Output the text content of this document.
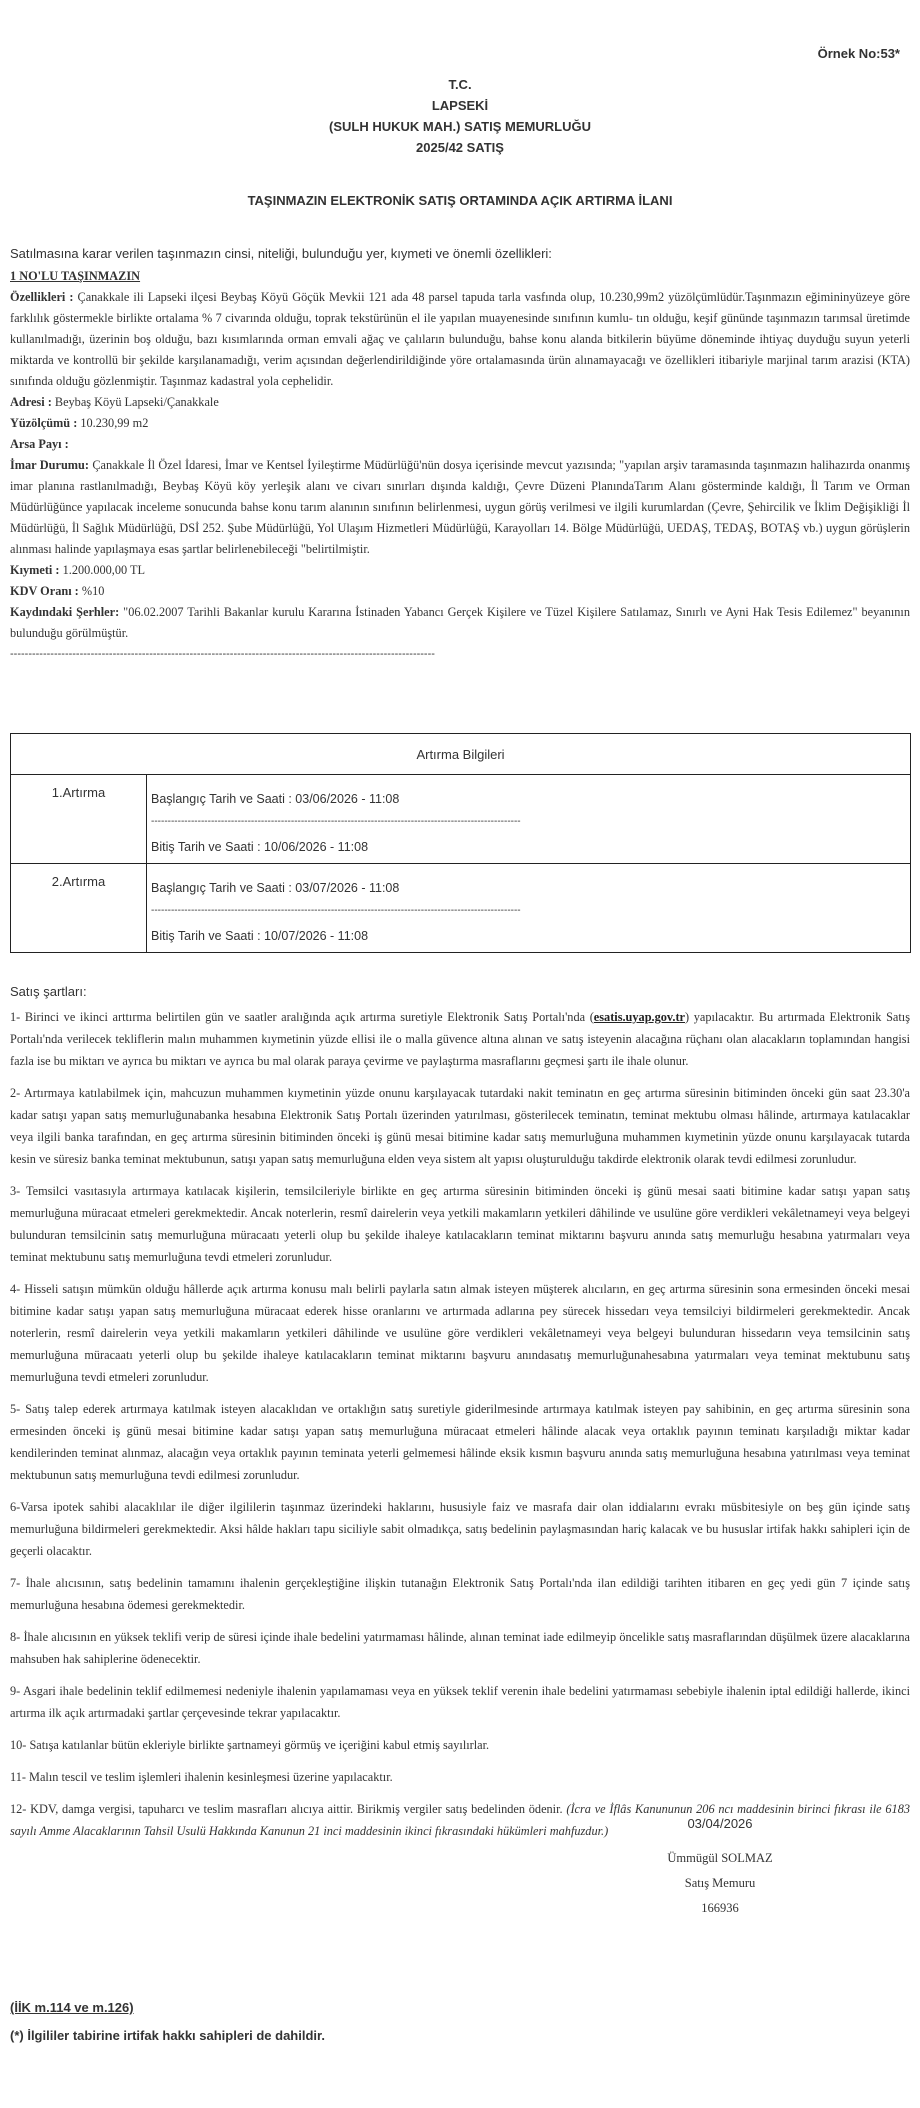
Örnek No:53*
T.C.
LAPSEKİ
(SULH HUKUK MAH.) SATIŞ MEMURLUĞU
2025/42 SATIŞ
TAŞINMAZIN ELEKTRONİK SATIŞ ORTAMINDA AÇIK ARTIRMA İLANI
Satılmasına karar verilen taşınmazın cinsi, niteliği, bulunduğu yer, kıymeti ve önemli özellikleri:
1 NO'LU TAŞINMAZIN
Özellikleri : Çanakkale ili Lapseki ilçesi Beybaş Köyü Göçük Mevkii 121 ada 48 parsel tapuda tarla vasfında olup, 10.230,99m2 yüzölçümlüdür.Taşınmazın eğimininyüzeye göre farklılık göstermekle birlikte ortalama % 7 civarında olduğu, toprak tekstürünün el ile yapılan muayenesinde sınıfının kumlu- tın olduğu, keşif gününde taşınmazın tarımsal üretimde kullanılmadığı, üzerinin boş olduğu, bazı kısımlarında orman emvali ağaç ve çalıların bulunduğu, bahse konu alanda bitkilerin büyüme döneminde ihtiyaç duyduğu suyun yeterli miktarda ve kontrollü bir şekilde karşılanamadığı, verim açısından değerlendirildiğinde yöre ortalamasında ürün alınamayacağı ve özellikleri itibariyle marjinal tarım arazisi (KTA) sınıfında olduğu gözlenmiştir. Taşınmaz kadastral yola cephelidir.
Adresi : Beybaş Köyü Lapseki/Çanakkale
Yüzölçümü : 10.230,99 m2
Arsa Payı :
İmar Durumu: Çanakkale İl Özel İdaresi, İmar ve Kentsel İyileştirme Müdürlüğü'nün dosya içerisinde mevcut yazısında; "yapılan arşiv taramasında taşınmazın halihazırda onanmış imar planına rastlanılmadığı, Beybaş Köyü köy yerleşik alanı ve civarı sınırları dışında kaldığı, Çevre Düzeni PlanındaTarım Alanı gösterminde kaldığı, İl Tarım ve Orman Müdürlüğünce yapılacak inceleme sonucunda bahse konu tarım alanının sınıfının belirlenmesi, uygun görüş verilmesi ve ilgili kurumlardan (Çevre, Şehircilik ve İklim Değişikliği İl Müdürlüğü, İl Sağlık Müdürlüğü, DSİ 252. Şube Müdürlüğü, Yol Ulaşım Hizmetleri Müdürlüğü, Karayolları 14. Bölge Müdürlüğü, UEDAŞ, TEDAŞ, BOTAŞ vb.) uygun görüşlerin alınması halinde yapılaşmaya esas şartlar belirlenebileceği "belirtilmiştir.
Kıymeti : 1.200.000,00 TL
KDV Oranı : %10
Kaydındaki Şerhler: "06.02.2007 Tarihli Bakanlar kurulu Kararına İstinaden Yabancı Gerçek Kişilere ve Tüzel Kişilere Satılamaz, Sınırlı ve Ayni Hak Tesis Edilemez" beyanının bulunduğu görülmüştür.
--------------------------------------------------------------------------------------------------------------------
Artırma Bilgileri	
1.Artırma	Başlangıç Tarih ve Saati : 03/06/2026 - 11:08
---------------------------------------------------------------------------------------------------------------
Bitiş Tarih ve Saati : 10/06/2026 - 11:08

2.Artırma	Başlangıç Tarih ve Saati : 03/07/2026 - 11:08
---------------------------------------------------------------------------------------------------------------
Bitiş Tarih ve Saati : 10/07/2026 - 11:08
Satış şartları:

1- Birinci ve ikinci arttırma belirtilen gün ve saatler aralığında açık artırma suretiyle Elektronik Satış Portalı'nda (esatis.uyap.gov.tr) yapılacaktır. Bu artırmada Elektronik Satış Portalı'nda verilecek tekliflerin malın muhammen kıymetinin yüzde ellisi ile o malla güvence altına alınan ve satış isteyenin alacağına rüçhanı olan alacakların toplamından hangisi fazla ise bu miktarı ve ayrıca bu miktarı ve ayrıca bu mal olarak paraya çevirme ve paylaştırma masraflarını geçmesi şartı ile ihale olunur.

2- Artırmaya katılabilmek için, mahcuzun muhammen kıymetinin yüzde onunu karşılayacak tutardaki nakit teminatın en geç artırma süresinin bitiminden önceki gün saat 23.30'a kadar satışı yapan satış memurluğunabanka hesabına Elektronik Satış Portalı üzerinden yatırılması, gösterilecek teminatın, teminat mektubu olması hâlinde, artırmaya katılacaklar veya ilgili banka tarafından, en geç artırma süresinin bitiminden önceki iş günü mesai bitimine kadar satış memurluğuna muhammen kıymetinin yüzde onunu karşılayacak tutarda kesin ve süresiz banka teminat mektubunun, satışı yapan satış memurluğuna elden veya sistem alt yapısı oluşturulduğu takdirde elektronik olarak tevdi edilmesi zorunludur.

3- Temsilci vasıtasıyla artırmaya katılacak kişilerin, temsilcileriyle birlikte en geç artırma süresinin bitiminden önceki iş günü mesai saati bitimine kadar satışı yapan satış memurluğuna müracaat etmeleri gerekmektedir. Ancak noterlerin, resmî dairelerin veya yetkili makamların yetkileri dâhilinde ve usulüne göre verdikleri vekâletnameyi veya belgeyi bulunduran temsilcinin satış memurluğuna müracaatı yeterli olup bu şekilde ihaleye katılacakların teminat miktarını başvuru anında satış memurluğu hesabına yatırmaları veya teminat mektubunu satış memurluğuna tevdi etmeleri zorunludur.

4- Hisseli satışın mümkün olduğu hâllerde açık artırma konusu malı belirli paylarla satın almak isteyen müşterek alıcıların, en geç artırma süresinin sona ermesinden önceki mesai bitimine kadar satışı yapan satış memurluğuna müracaat ederek hisse oranlarını ve artırmada adlarına pey sürecek hissedarı veya temsilciyi bildirmeleri gerekmektedir. Ancak noterlerin, resmî dairelerin veya yetkili makamların yetkileri dâhilinde ve usulüne göre verdikleri vekâletnameyi veya belgeyi bulunduran hissedarın veya temsilcinin satış memurluğuna müracaatı yeterli olup bu şekilde ihaleye katılacakların teminat miktarını başvuru anındasatış memurluğunahesabına yatırmaları veya teminat mektubunu satış memurluğuna tevdi etmeleri zorunludur.

5- Satış talep ederek artırmaya katılmak isteyen alacaklıdan ve ortaklığın satış suretiyle giderilmesinde artırmaya katılmak isteyen pay sahibinin, en geç artırma süresinin sona ermesinden önceki iş günü mesai bitimine kadar satışı yapan satış memurluğuna müracaat etmeleri hâlinde alacak veya ortaklık payının teminatı karşıladığı miktar kadar kendilerinden teminat alınmaz, alacağın veya ortaklık payının teminata yeterli gelmemesi hâlinde eksik kısmın başvuru anında satış memurluğuna hesabına yatırılması veya teminat mektubunun satış memurluğuna tevdi edilmesi zorunludur.

6-Varsa ipotek sahibi alacaklılar ile diğer ilgililerin taşınmaz üzerindeki haklarını, hususiyle faiz ve masrafa dair olan iddialarını evrakı müsbitesiyle on beş gün içinde satış memurluğuna bildirmeleri gerekmektedir. Aksi hâlde hakları tapu siciliyle sabit olmadıkça, satış bedelinin paylaşmasından hariç kalacak ve bu hususlar irtifak hakkı sahipleri için de geçerli olacaktır.

7- İhale alıcısının, satış bedelinin tamamını ihalenin gerçekleştiğine ilişkin tutanağın Elektronik Satış Portalı'nda ilan edildiği tarihten itibaren en geç yedi gün 7 içinde satış memurluğuna hesabına ödemesi gerekmektedir.

8- İhale alıcısının en yüksek teklifi verip de süresi içinde ihale bedelini yatırmaması hâlinde, alınan teminat iade edilmeyip öncelikle satış masraflarından düşülmek üzere alacaklarına mahsuben hak sahiplerine ödenecektir.

9- Asgari ihale bedelinin teklif edilmemesi nedeniyle ihalenin yapılamaması veya en yüksek teklif verenin ihale bedelini yatırmaması sebebiyle ihalenin iptal edildiği hallerde, ikinci artırma ilk açık artırmadaki şartlar çerçevesinde tekrar yapılacaktır.

10- Satışa katılanlar bütün ekleriyle birlikte şartnameyi görmüş ve içeriğini kabul etmiş sayılırlar.

11- Malın tescil ve teslim işlemleri ihalenin kesinleşmesi üzerine yapılacaktır.

12- KDV, damga vergisi, tapuharcı ve teslim masrafları alıcıya aittir. Birikmiş vergiler satış bedelinden ödenir. (İcra ve İflâs Kanununun 206 ncı maddesinin birinci fıkrası ile 6183 sayılı Amme Alacaklarının Tahsil Usulü Hakkında Kanunun 21 inci maddesinin ikinci fıkrasındaki hükümleri mahfuzdur.)	03/04/2026
Ümmügül SOLMAZ
Satış Memuru
166936
(İİK m.114 ve m.126)
(*) İlgililer tabirine irtifak hakkı sahipleri de dahildir.
